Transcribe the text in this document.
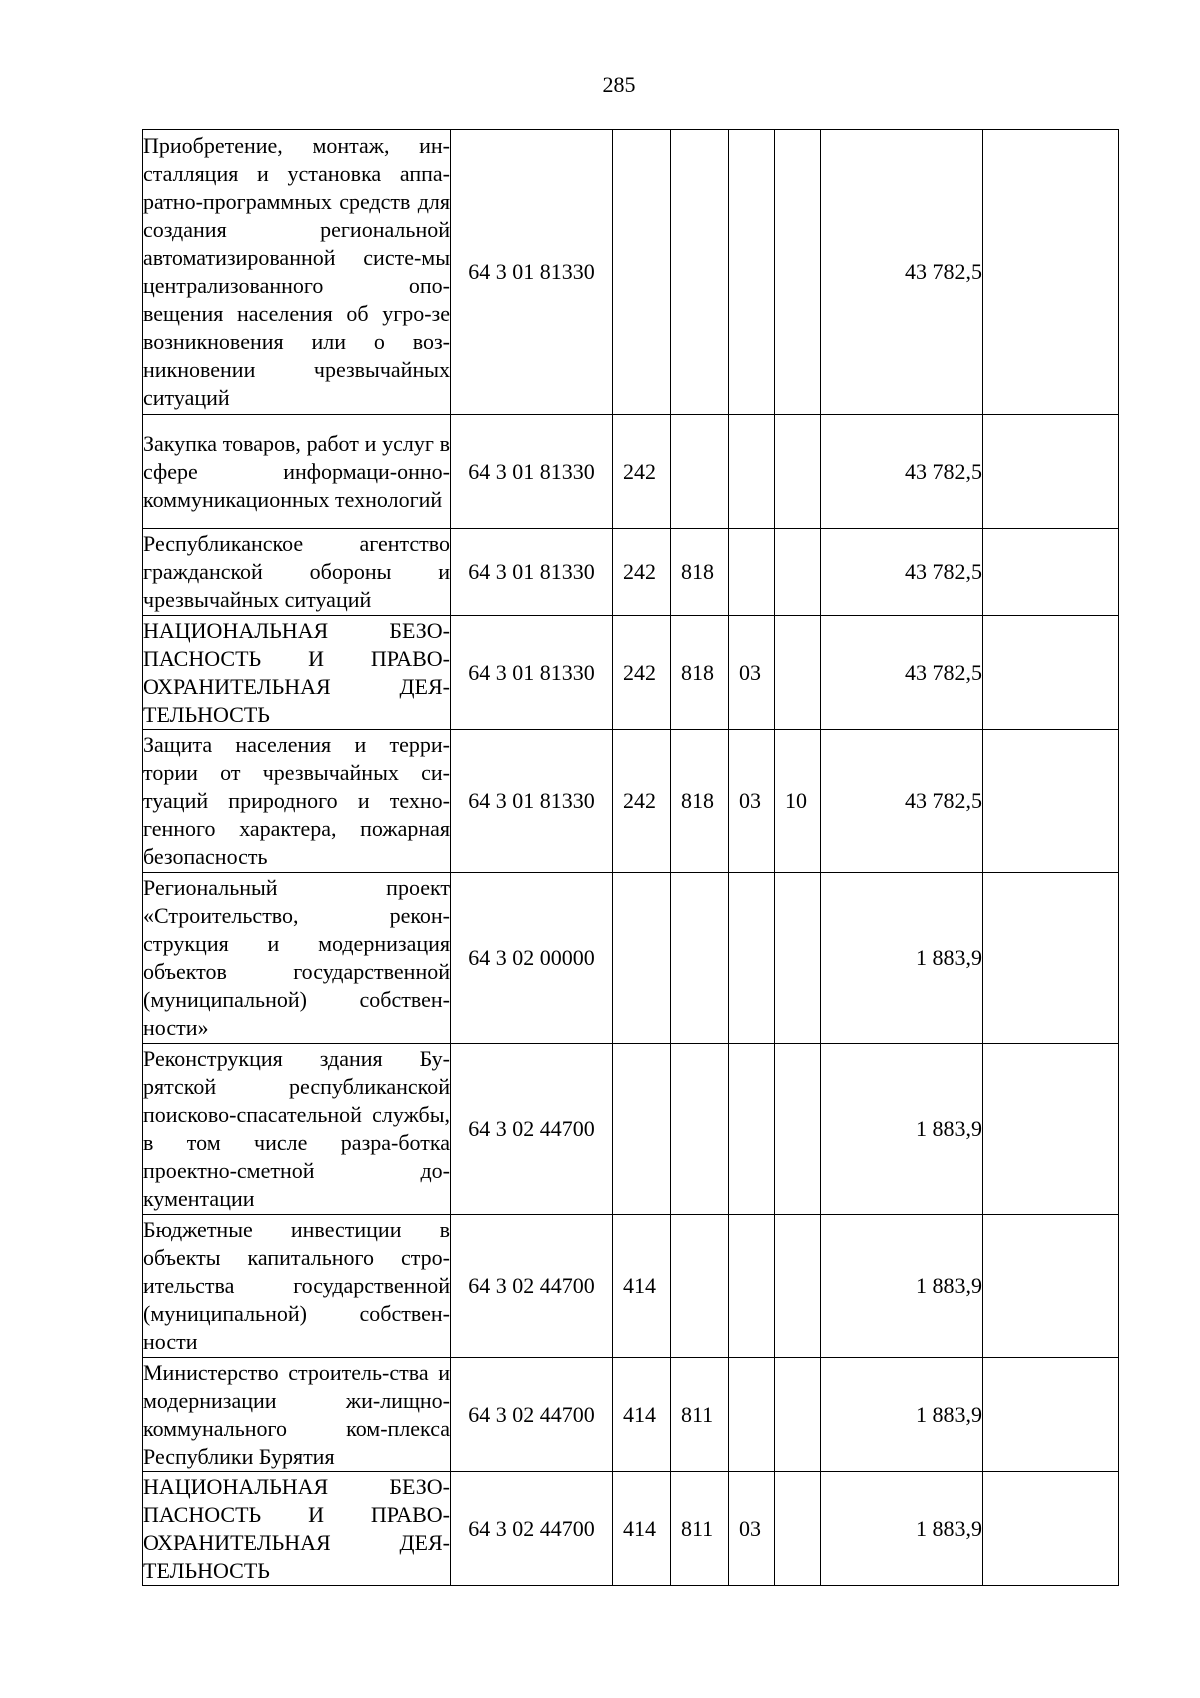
285
Приобретение, монтаж, ин-сталляция и установка аппа-ратно-программных средств для создания региональной автоматизированной систе-мы централизованного опо-вещения населения об угро-зе возникновения или о воз-никновении чрезвычайных ситуаций	64 3 01 81330					43 782,5	
Закупка товаров, работ и услуг в сфере информаци-онно-коммуникационных технологий	64 3 01 81330	242				43 782,5	
Республиканское агентство гражданской обороны и чрезвычайных ситуаций	64 3 01 81330	242	818			43 782,5	
НАЦИОНАЛЬНАЯ БЕЗО-ПАСНОСТЬ И ПРАВО-ОХРАНИТЕЛЬНАЯ ДЕЯ-ТЕЛЬНОСТЬ	64 3 01 81330	242	818	03		43 782,5	
Защита населения и терри-тории от чрезвычайных си-туаций природного и техно-генного характера, пожарная безопасность	64 3 01 81330	242	818	03	10	43 782,5	
Региональный проект «Строительство, рекон-струкция и модернизация объектов государственной (муниципальной) собствен-ности»	64 3 02 00000					1 883,9	
Реконструкция здания Бу-рятской республиканской поисково-спасательной службы, в том числе разра-ботка проектно-сметной до-кументации	64 3 02 44700					1 883,9	
Бюджетные инвестиции в объекты капитального стро-ительства государственной (муниципальной) собствен-ности	64 3 02 44700	414				1 883,9	
Министерство строитель-ства и модернизации жи-лищно-коммунального ком-плекса Республики Бурятия	64 3 02 44700	414	811			1 883,9	
НАЦИОНАЛЬНАЯ БЕЗО-ПАСНОСТЬ И ПРАВО-ОХРАНИТЕЛЬНАЯ ДЕЯ-ТЕЛЬНОСТЬ	64 3 02 44700	414	811	03		1 883,9	
